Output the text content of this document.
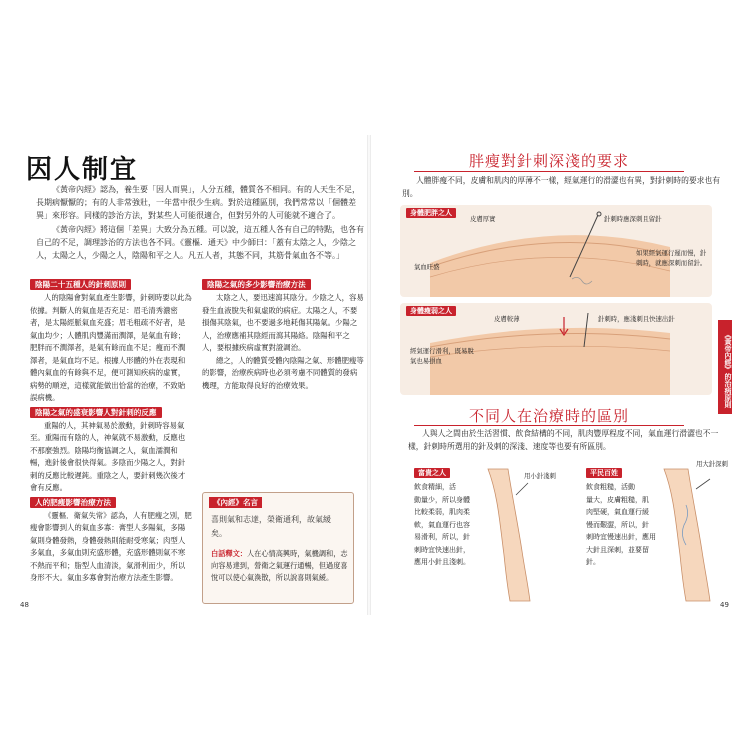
因人制宜

《黃帝內經》認為，養生要「因人而異」，人分五種，體質各不相同。有的人天生不足，長期病懨懨的；有的人非常強壯，一年當中很少生病。對於這種區別，我們常常以「個體差異」來形容。同樣的診治方法，對某些人可能很適合，但對另外的人可能就不適合了。

《黃帝內經》將這個「差異」大致分為五種。可以說，這五種人各有自己的特點，也各有自己的不足，調理診治的方法也各不同。《靈樞．通天》中少師曰：「蓋有太陰之人，少陰之人，太陽之人，少陽之人，陰陽和平之人。凡五人者，其態不同，其筋骨氣血各不等。」

陰陽二十五種人的針刺原則

人的陰陽會對氣血產生影響，針刺時要以此為依據。判斷人的氣血是否充足：眉毛清秀濃密者，是太陽經脈氣血充盛；眉毛粗疏不好者，是氣血均少；人體肌肉豐滿而潤澤，是氣血有餘；肥胖而不潤澤者，是氣有餘而血不足；瘦而不潤澤者，是氣血均不足。根據人形體的外在表現和體內氣血的有餘與不足，便可測知疾病的虛實，病勢的順逆，這樣就能做出恰當的治療，不致貽誤病機。

陰陽之氣的盛衰影響人對針刺的反應

重陽的人，其神氣易於激動，針刺時容易氣至。重陽而有陰的人，神氣就不易激動，反應也不那麼強烈。陰陽均衡協調之人，氣血濡潤和暢，進針後會很快得氣。多陰而少陽之人，對針刺的反應比較遲鈍。重陰之人，要針刺幾次後才會有反應。

人的肥瘦影響治療方法

《靈樞．衛氣失常》認為，人有肥瘦之別，肥瘦會影響到人的氣血多寡：膏型人多陽氣，多陽氣則身體發熱，身體發熱則能耐受寒氣；肉型人多氣血，多氣血則充盛形體，充盛形體則氣不寒不熱而平和；脂型人血清淡，氣滑利而少，所以身形不大。氣血多寡會對治療方法產生影響。

陰陽之氣的多少影響治療方法

太陰之人，要迅速瀉其陰分。少陰之人，容易發生血液脫失和氣虛敗的病症。太陽之人，不要損傷其陰氣，也不要過多地耗傷其陽氣。少陽之人，治療應補其陰經而瀉其陽絡。陰陽和平之人，要根據疾病虛實對證調治。

總之，人的體質受體內陰陽之氣、形體肥瘦等的影響，治療疾病時也必須考慮不同體質的發病機理，方能取得良好的治療效果。

《內經》名言
喜則氣和志達，榮衛通利，故氣緩矣。
白話釋文：人在心情高興時，氣機調和，志向容易達到，營衛之氣運行通暢，但過度喜悅可以使心氣渙散，所以說喜則氣緩。
48
胖瘦對針刺深淺的要求

人體胖瘦不同，皮膚和肌肉的厚薄不一樣，經氣運行的滑澀也有異，對針刺時的要求也有別。

身體肥胖之人
皮膚厚實	針刺時應深刺且留針
氣血旺盛
如果經氣運行遲而慢，針刺時，就應深刺而留針。
身體瘦弱之人
皮膚較薄	針刺時，應淺刺且快速出針
經氣運行滑利，既易脫氣也易損血
不同人在治療時的區別

人與人之間由於生活習慣、飲食結構的不同，肌肉豐厚程度不同，氣血運行滑澀也不一樣，針刺時所選用的針及刺的深淺、速度等也要有所區別。

富貴之人

飲食精細，活

動量少，所以身體

比較柔弱，肌肉柔

軟，氣血運行也容

易滑利，所以，針

刺時宜快速出針，

應用小針且淺刺。

用小針淺刺	平民百姓

飲食粗糙，活動

量大，皮膚粗糙，肌

肉堅硬，氣血運行緩

慢而艱澀，所以，針

刺時宜慢速出針，應用

大針且深刺，並要留

針。

用大針深刺
49
《黃帝內經》的治病原則
